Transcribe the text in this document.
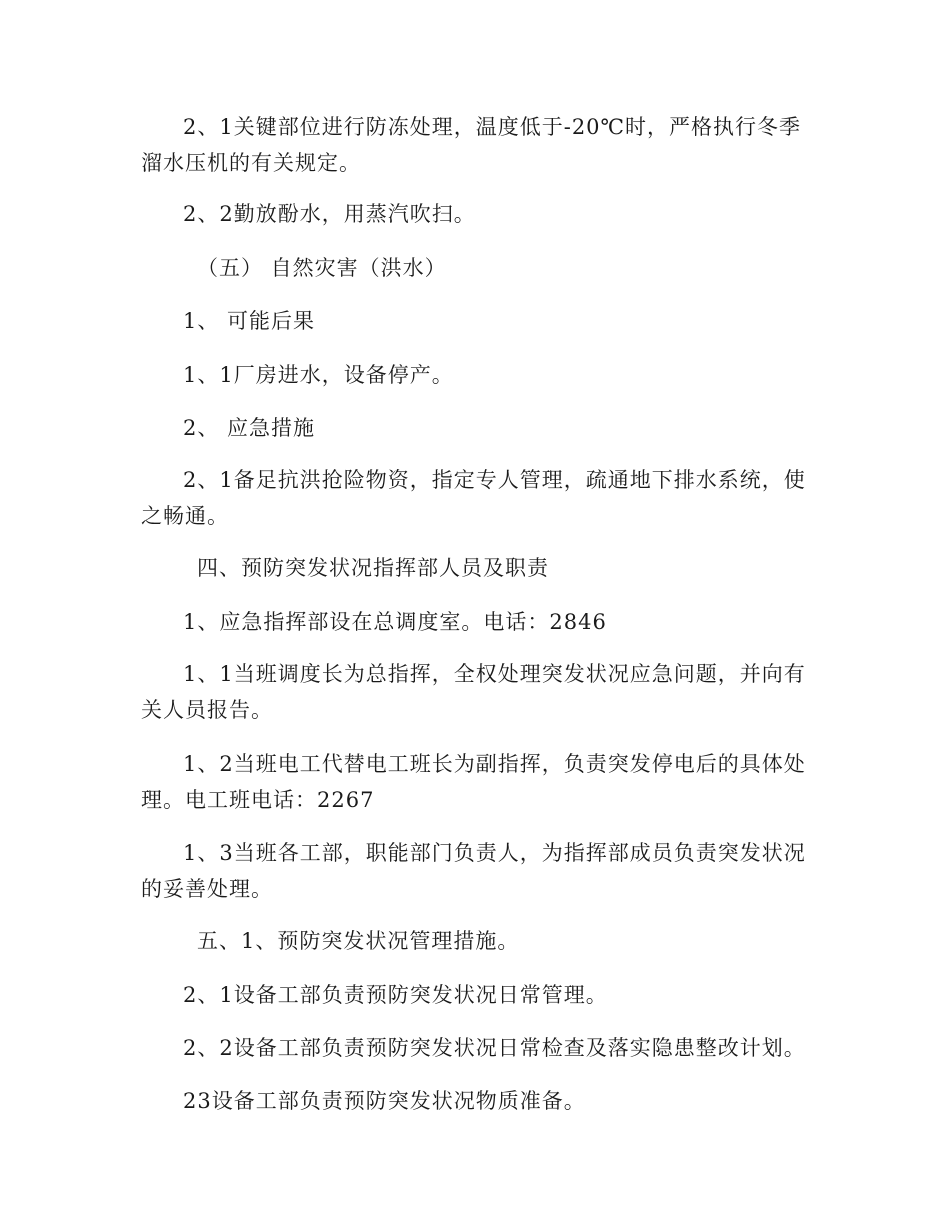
2、1关键部位进行防冻处理，温度低于-20℃时，严格执行冬季溜水压机的有关规定。

2、2勤放酚水，用蒸汽吹扫。

（五） 自然灾害（洪水）

1、 可能后果

1、1厂房进水，设备停产。

2、 应急措施

2、1备足抗洪抢险物资，指定专人管理，疏通地下排水系统，使之畅通。

四、预防突发状况指挥部人员及职责

1、应急指挥部设在总调度室。电话：2846

1、1当班调度长为总指挥，全权处理突发状况应急问题，并向有关人员报告。

1、2当班电工代替电工班长为副指挥，负责突发停电后的具体处理。电工班电话：2267

1、3当班各工部，职能部门负责人，为指挥部成员负责突发状况的妥善处理。

五、1、预防突发状况管理措施。

2、1设备工部负责预防突发状况日常管理。

2、2设备工部负责预防突发状况日常检查及落实隐患整改计划。

23设备工部负责预防突发状况物质准备。
